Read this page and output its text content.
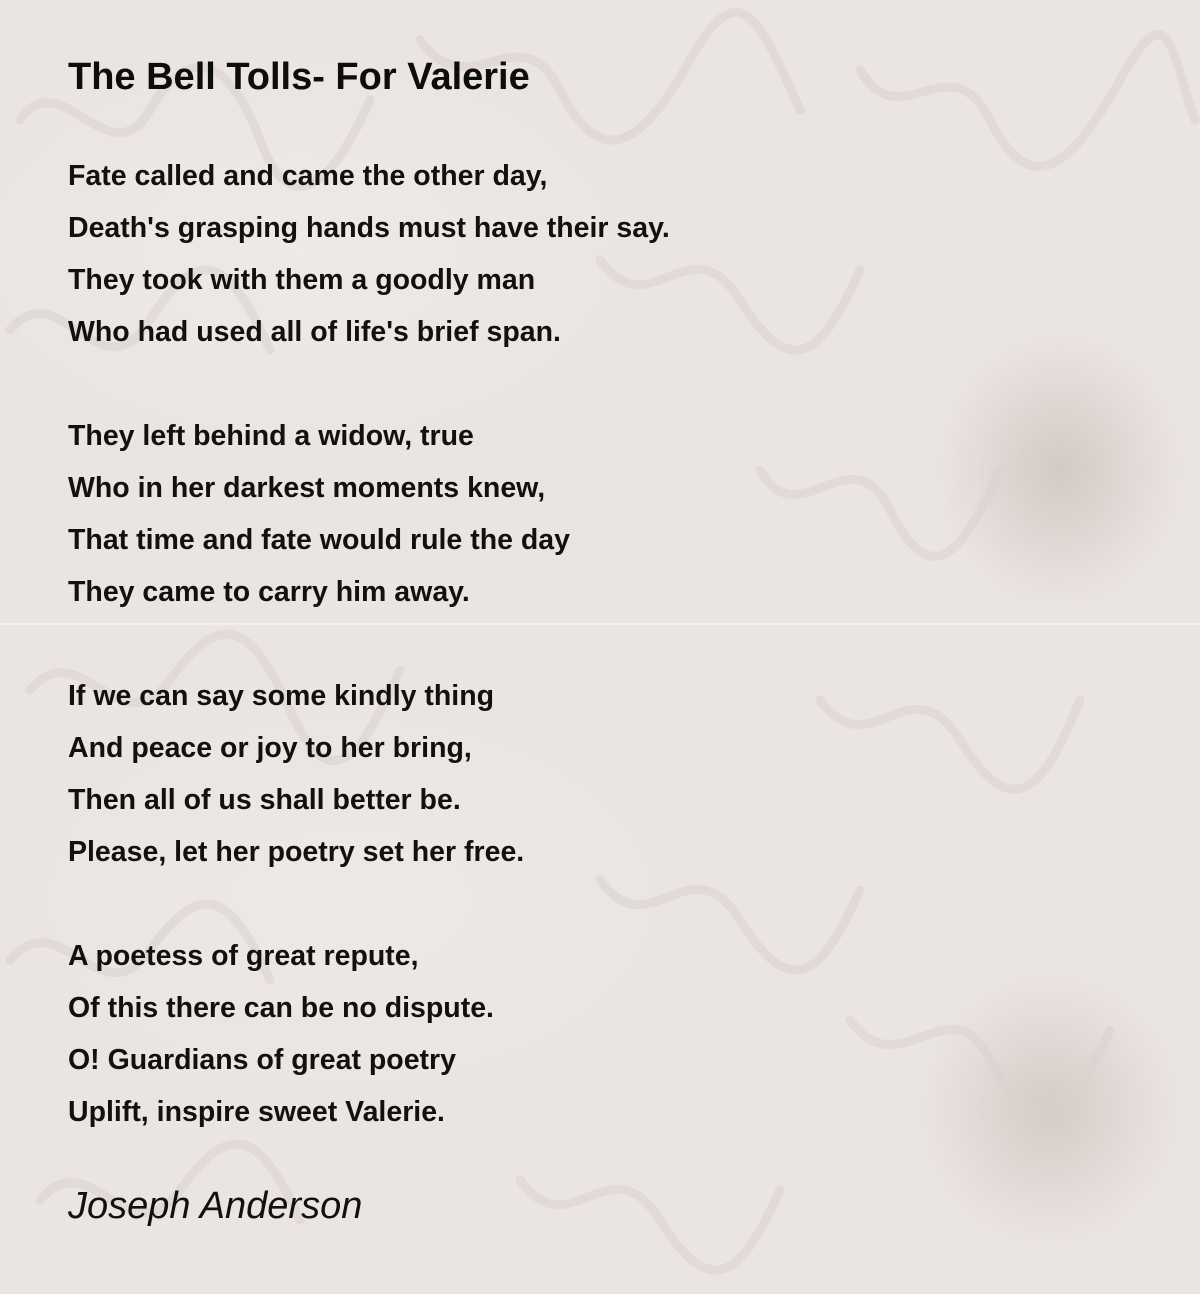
The Bell Tolls- For Valerie
Fate called and came the other day,
Death's grasping hands must have their say.
They took with them a goodly man
Who had used all of life's brief span.
They left behind a widow, true
Who in her darkest moments knew,
That time and fate would rule the day
They came to carry him away.
If we can say some kindly thing
And peace or joy to her bring,
Then all of us shall better be.
Please, let her poetry set her free.
A poetess of great repute,
Of this there can be no dispute.
O! Guardians of great poetry
Uplift, inspire sweet Valerie.
Joseph Anderson
